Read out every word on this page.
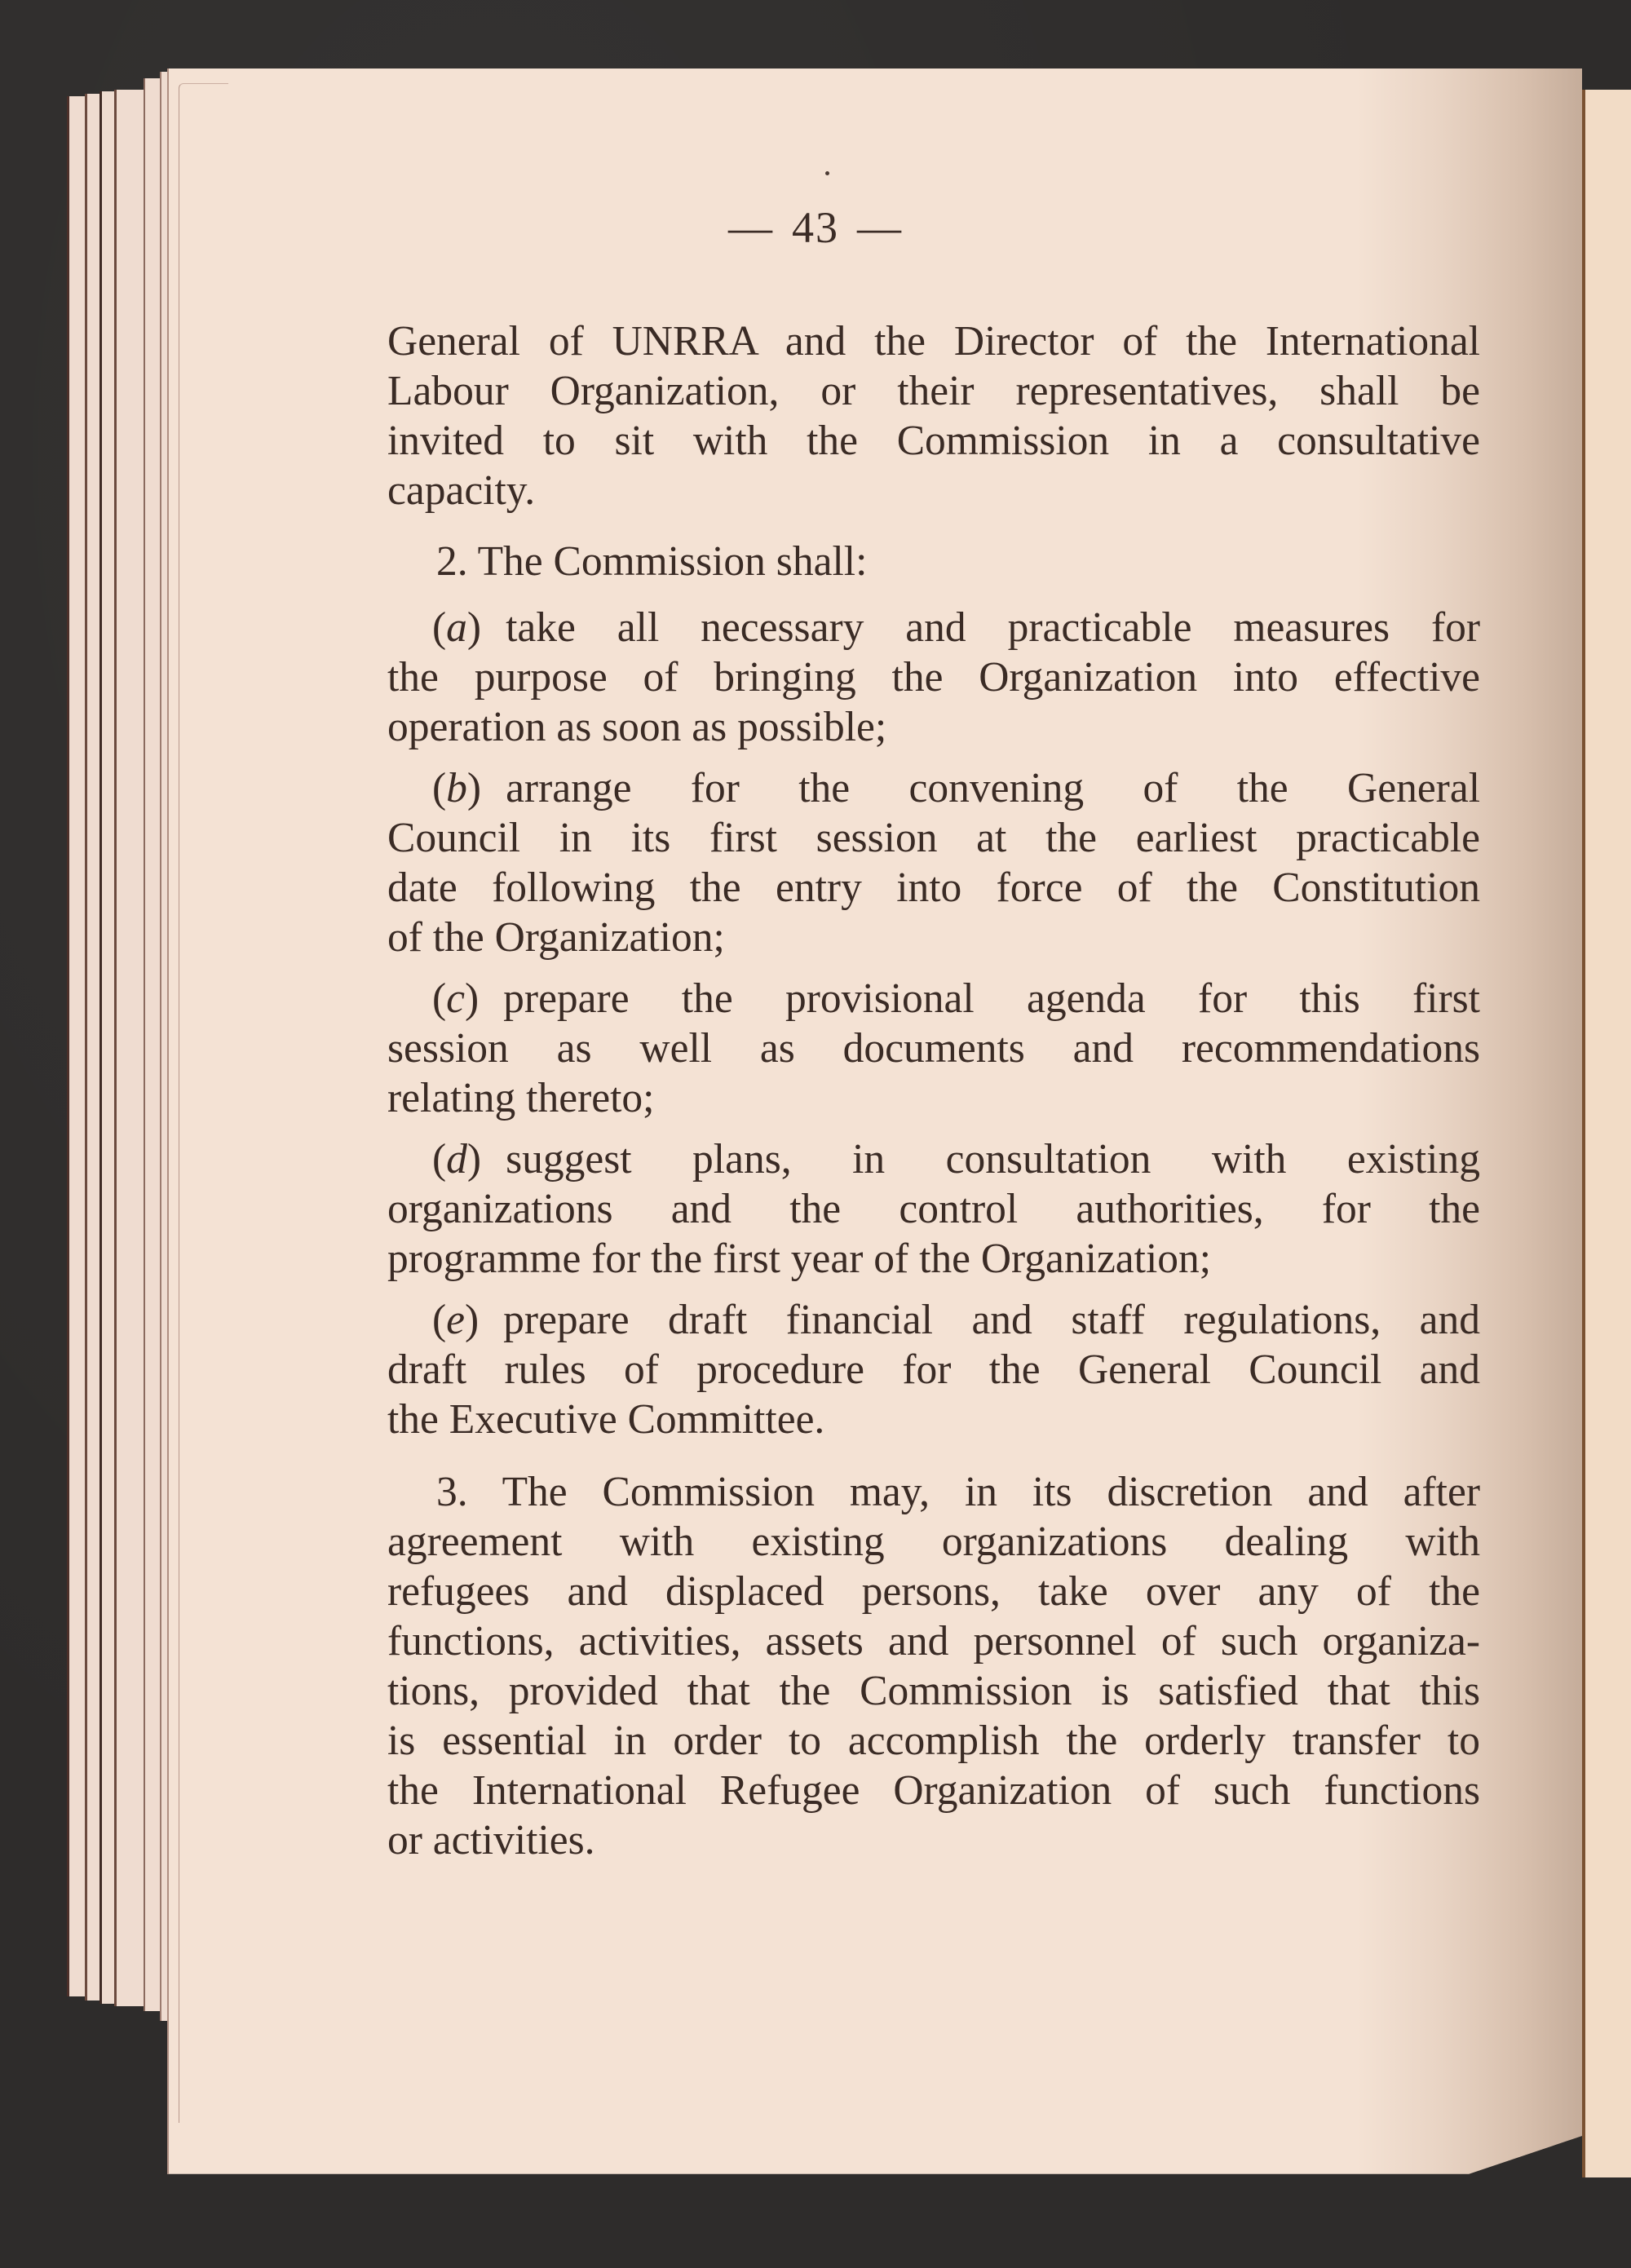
— 43 —

General of UNRRA and the Director of the International
Labour Organization, or their representatives, shall be
invited to sit with the Commission in a consultative
capacity.

2. The Commission shall:

(a) take all necessary and practicable measures for
the purpose of bringing the Organization into effective
operation as soon as possible;

(b) arrange for the convening of the General
Council in its first session at the earliest practicable
date following the entry into force of the Constitution
of the Organization;

(c) prepare the provisional agenda for this first
session as well as documents and recommendations
relating thereto;

(d) suggest plans, in consultation with existing
organizations and the control authorities, for the
programme for the first year of the Organization;

(e) prepare draft financial and staff regulations, and
draft rules of procedure for the General Council and
the Executive Committee.

3. The Commission may, in its discretion and after
agreement with existing organizations dealing with
refugees and displaced persons, take over any of the
functions, activities, assets and personnel of such organiza-
tions, provided that the Commission is satisfied that this
is essential in order to accomplish the orderly transfer to
the International Refugee Organization of such functions
or activities.
